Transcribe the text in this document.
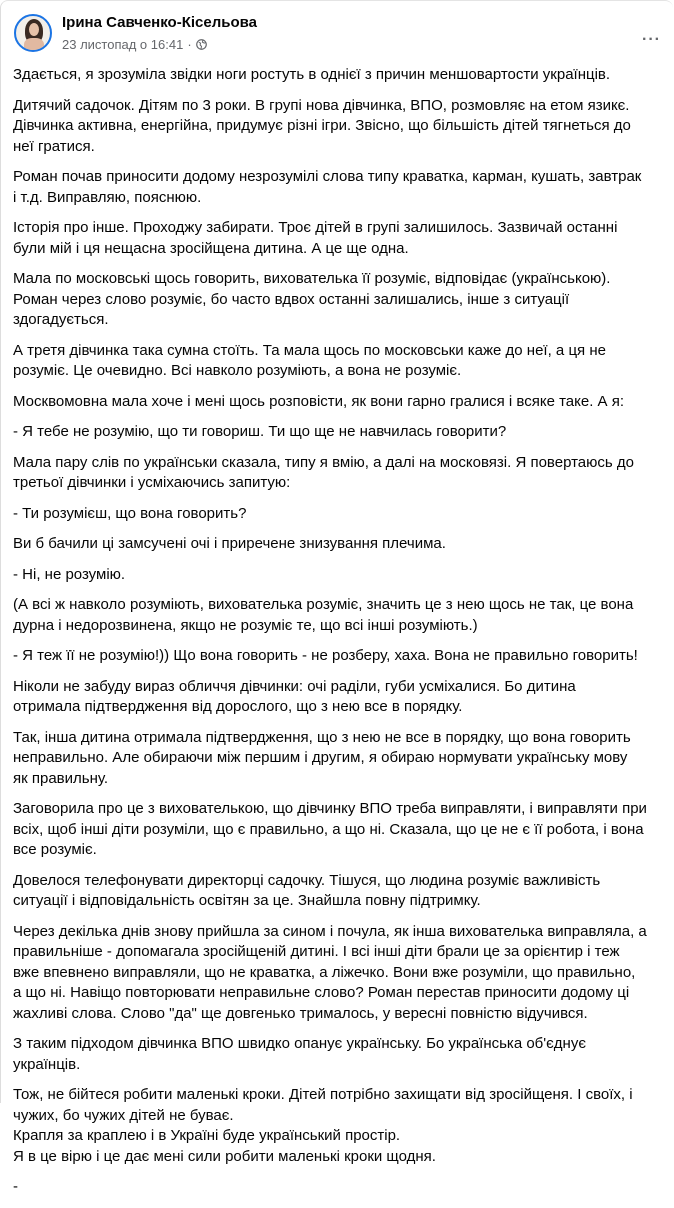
Ірина Савченко-Кісельова
23 листопад о 16:41 ·	···

Здається, я зрозуміла звідки ноги ростуть в однієї з причин меншовартости українців.

Дитячий садочок. Дітям по 3 роки. В групі нова дівчинка, ВПО, розмовляє на етом язикє.
Дівчинка активна, енергійна, придумує різні ігри. Звісно, що більшість дітей тягнеться до
неї гратися.

Роман почав приносити додому незрозумілі слова типу краватка, карман, кушать, завтрак
і т.д. Виправляю, пояснюю.

Історія про інше. Проходжу забирати. Троє дітей в групі залишилось. Зазвичай останні
були мій і ця нещасна зросійщена дитина. А це ще одна.

Мала по московські щось говорить, вихователька її розуміє, відповідає (українською).
Роман через слово розуміє, бо часто вдвох останні залишались, інше з ситуації
здогадується.

А третя дівчинка така сумна стоїть. Та мала щось по московськи каже до неї, а ця не
розуміє. Це очевидно. Всі навколо розуміють, а вона не розуміє.

Москвомовна мала хоче і мені щось розповісти, як вони гарно гралися і всяке таке. А я:

- Я тебе не розумію, що ти говориш. Ти що ще не навчилась говорити?

Мала пару слів по українськи сказала, типу я вмію, а далі на московязі. Я повертаюсь до
третьої дівчинки і усміхаючись запитую:

- Ти розумієш, що вона говорить?

Ви б бачили ці замсучені очі і приречене знизування плечима.

- Ні, не розумію.

(А всі ж навколо розуміють, вихователька розуміє, значить це з нею щось не так, це вона
дурна і недорозвинена, якщо не розуміє те, що всі інші розуміють.)

- Я теж її не розумію!)) Що вона говорить - не розберу, хаха. Вона не правильно говорить!

Ніколи не забуду вираз обличчя дівчинки: очі раділи, губи усміхалися. Бо дитина
отримала підтвердження від дорослого, що з нею все в порядку.

Так, інша дитина отримала підтвердження, що з нею не все в порядку, що вона говорить
неправильно. Але обираючи між першим і другим, я обираю нормувати українську мову
як правильну.

Заговорила про це з вихователькою, що дівчинку ВПО треба виправляти, і виправляти при
всіх, щоб інші діти розуміли, що є правильно, а що ні. Сказала, що це не є її робота, і вона
все розуміє.

Довелося телефонувати директорці садочку. Тішуся, що людина розуміє важливість
ситуації і відповідальність освітян за це. Знайшла повну підтримку.

Через декілька днів знову прийшла за сином і почула, як інша вихователька виправляла, а
правильніше - допомагала зросійщеній дитині. І всі інші діти брали це за орієнтир і теж
вже впевнено виправляли, що не краватка, а ліжечко. Вони вже розуміли, що правильно,
а що ні. Навіщо повторювати неправильне слово? Роман перестав приносити додому ці
жахливі слова. Слово "да" ще довгенько трималось, у вересні повністю відучився.

З таким підходом дівчинка ВПО швидко опанує українську. Бо українська об'єднує
українців.

Тож, не бійтеся робити маленькі кроки. Дітей потрібно захищати від зросійщеня. І своїх, і
чужих, бо чужих дітей не буває.
Крапля за краплею і в Україні буде український простір.
Я в це вірю і це дає мені сили робити маленькі кроки щодня.

-
